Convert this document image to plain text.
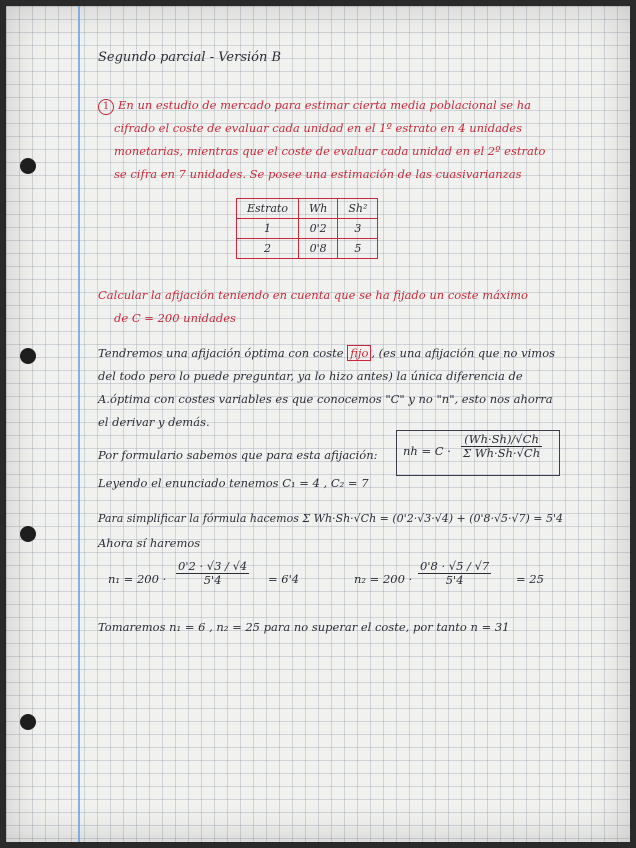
Segundo parcial - Versión B
1 En un estudio de mercado para estimar cierta media poblacional se ha
cifrado el coste de evaluar cada unidad en el 1º estrato en 4 unidades
monetarias, mientras que el coste de evaluar cada unidad en el 2º estrato
se cifra en 7 unidades. Se posee una estimación de las cuasivarianzas
Estrato	Wh	Sh²
1	0'2	3
2	0'8	5
Calcular la afijación teniendo en cuenta que se ha fijado un coste máximo
de C = 200 unidades
Tendremos una afijación óptima con coste fijo , (es una afijación que no vimos
del todo pero lo puede preguntar, ya lo hizo antes) la única diferencia de
A.óptima con costes variables es que conocemos "C" y no "n", esto nos ahorra
el derivar y demás.
Por formulario sabemos que para esta afijación: nh = $C \cdot \frac{(Wh\cdot Sh)/√Ch}{\text{Σ Wh·Sh·√Ch}}$
Leyendo el enunciado tenemos C₁ = 4 , C₂ = 7
Para simplificar la fórmula hacemos Σ Wh·Sh·√Ch = (0'2·√3·√4) + (0'8·√5·√7) = 5'4
Ahora sí haremos
$n_1 = 200 \cdot \frac{0'2 \cdot √3 / √4}{5'4} = 6'4$	$n_2 = 200 \cdot \frac{0'8 \cdot √5 / √7}{5'4} = 25$
Tomaremos n₁ = 6 , n₂ = 25 para no superar el coste, por tanto n = 31
